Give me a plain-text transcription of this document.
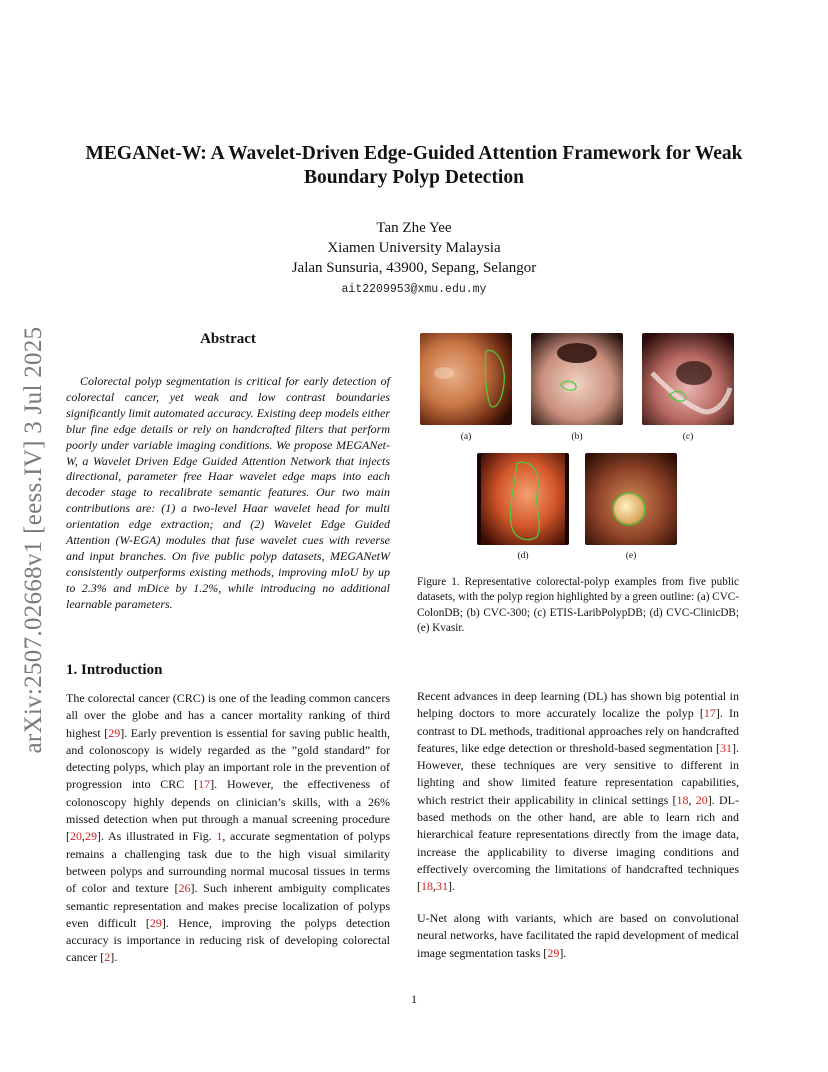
MEGANet-W: A Wavelet-Driven Edge-Guided Attention Framework for Weak
Boundary Polyp Detection
Tan Zhe Yee
Xiamen University Malaysia
Jalan Sunsuria, 43900, Sepang, Selangor
ait2209953@xmu.edu.my
arXiv:2507.02668v1 [eess.IV] 3 Jul 2025	Abstract
Colorectal polyp segmentation is critical for early detection of colorectal cancer, yet weak and low contrast boundaries significantly limit automated accuracy. Existing deep models either blur fine edge details or rely on handcrafted filters that perform poorly under variable imaging conditions. We propose MEGANet-W, a Wavelet Driven Edge Guided Attention Network that injects directional, parameter free Haar wavelet edge maps into each decoder stage to recalibrate semantic features. Our two main contributions are: (1) a two-level Haar wavelet head for multi orientation edge extraction; and (2) Wavelet Edge Guided Attention (W-EGA) modules that fuse wavelet cues with reverse and input branches. On five public polyp datasets, MEGANetW consistently outperforms existing methods, improving mIoU by up to 2.3% and mDice by 1.2%, while introducing no additional learnable parameters.
(a)	(b)	(c)
(d)	(e)
Figure 1. Representative colorectal-polyp examples from five public datasets, with the polyp region highlighted by a green outline: (a) CVC-ColonDB; (b) CVC-300; (c) ETIS-LaribPolypDB; (d) CVC-ClinicDB; (e) Kvasir.
1. Introduction
The colorectal cancer (CRC) is one of the leading common cancers all over the globe and has a cancer mortality ranking of third highest [29]. Early prevention is essential for saving public health, and colonoscopy is widely regarded as the ”gold standard” for detecting polyps, which play an important role in the prevention of progression into CRC [17]. However, the effectiveness of colonoscopy highly depends on clinician’s skills, with a 26% missed detection when put through a manual screening procedure [20,29]. As illustrated in Fig. 1, accurate segmentation of polyps remains a challenging task due to the high visual similarity between polyps and surrounding normal mucosal tissues in terms of color and texture [26]. Such inherent ambiguity complicates semantic representation and makes precise localization of polyps even difficult [29]. Hence, improving the polyps detection accuracy is importance in reducing risk of developing colorectal cancer [2].
Recent advances in deep learning (DL) has shown big potential in helping doctors to more accurately localize the polyp [17]. In contrast to DL methods, traditional approaches rely on handcrafted features, like edge detection or threshold-based segmentation [31]. However, these techniques are very sensitive to different in lighting and show limited feature representation capabilities, which restrict their applicability in clinical settings [18, 20]. DL-based methods on the other hand, are able to learn rich and hierarchical feature representations directly from the image data, increase the applicability to diverse imaging conditions and effectively overcoming the limitations of handcrafted techniques [18,31].
U-Net along with variants, which are based on convolutional neural networks, have facilitated the rapid development of medical image segmentation tasks [29].
1
